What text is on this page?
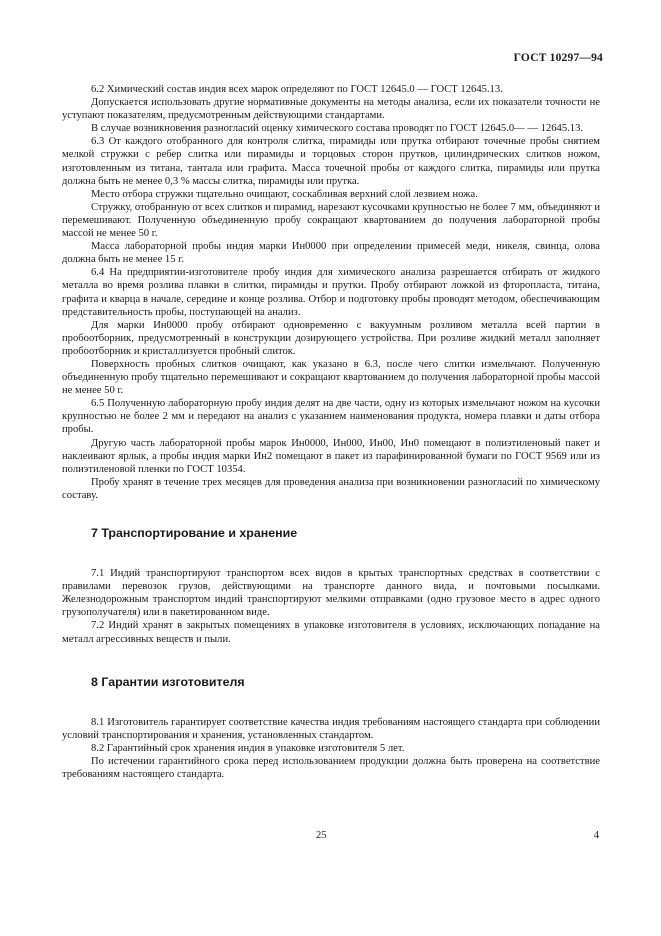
ГОСТ 10297—94

6.2 Химический состав индия всех марок определяют по ГОСТ 12645.0 — ГОСТ 12645.13.

Допускается использовать другие нормативные документы на методы анализа, если их показатели точности не уступают показателям, предусмотренным действующими стандартами.

В случае возникновения разногласий оценку химического состава проводят по ГОСТ 12645.0— — 12645.13.

6.3 От каждого отобранного для контроля слитка, пирамиды или прутка отбирают точечные пробы снятием мелкой стружки с ребер слитка или пирамиды и торцовых сторон прутков, цилиндрических слитков ножом, изготовленным из титана, тантала или графита. Масса точечной пробы от каждого слитка, пирамиды или прутка должна быть не менее 0,3 % массы слитка, пирамиды или прутка.

Место отбора стружки тщательно очищают, соскабливая верхний слой лезвием ножа.

Стружку, отобранную от всех слитков и пирамид, нарезают кусочками крупностью не более 7 мм, объединяют и перемешивают. Полученную объединенную пробу сокращают квартованием до получения лабораторной пробы массой не менее 50 г.

Масса лабораторной пробы индия марки Ин0000 при определении примесей меди, никеля, свинца, олова должна быть не менее 15 г.

6.4 На предприятии-изготовителе пробу индия для химического анализа разрешается отбирать от жидкого металла во время розлива плавки в слитки, пирамиды и прутки. Пробу отбирают ложкой из фторопласта, титана, графита и кварца в начале, середине и конце розлива. Отбор и подготовку пробы проводят методом, обеспечивающим представительность пробы, поступающей на анализ.

Для марки Ин0000 пробу отбирают одновременно с вакуумным розливом металла всей партии в пробоотборник, предусмотренный в конструкции дозирующего устройства. При розливе жидкий металл заполняет пробоотборник и кристаллизуется пробный слиток.

Поверхность пробных слитков очищают, как указано в 6.3, после чего слитки измельчают. Полученную объединенную пробу тщательно перемешивают и сокращают квартованием до получения лабораторной пробы массой не менее 50 г.

6.5 Полученную лабораторную пробу индия делят на две части, одну из которых измельчают ножом на кусочки крупностью не более 2 мм и передают на анализ с указанием наименования продукта, номера плавки и даты отбора пробы.

Другую часть лабораторной пробы марок Ин0000, Ин000, Ин00, Ин0 помещают в полиэтиленовый пакет и наклеивают ярлык, а пробы индия марки Ин2 помещают в пакет из парафинированной бумаги по ГОСТ 9569 или из полиэтиленовой пленки по ГОСТ 10354.

Пробу хранят в течение трех месяцев для проведения анализа при возникновении разногласий по химическому составу.

7 Транспортирование и хранение

7.1 Индий транспортируют транспортом всех видов в крытых транспортных средствах в соответствии с правилами перевозок грузов, действующими на транспорте данного вида, и почтовыми посылками. Железнодорожным транспортом индий транспортируют мелкими отправками (одно грузовое место в адрес одного грузополучателя) или в пакетированном виде.

7.2 Индий хранят в закрытых помещениях в упаковке изготовителя в условиях, исключающих попадание на металл агрессивных веществ и пыли.

8 Гарантии изготовителя

8.1 Изготовитель гарантирует соответствие качества индия требованиям настоящего стандарта при соблюдении условий транспортирования и хранения, установленных стандартом.

8.2 Гарантийный срок хранения индия в упаковке изготовителя 5 лет.

По истечении гарантийного срока перед использованием продукции должна быть проверена на соответствие требованиям настоящего стандарта.

25	4
